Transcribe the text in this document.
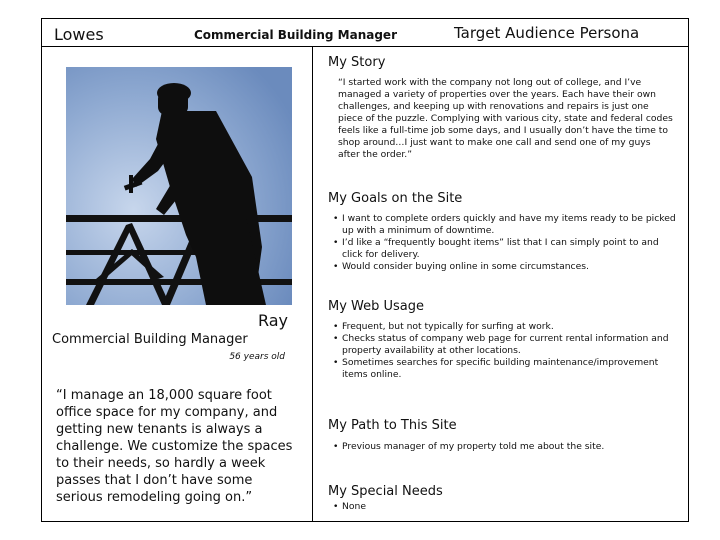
Lowes	Commercial Building Manager	Target Audience Persona
Ray
Commercial Building Manager
56 years old
“I manage an 18,000 square foot office space for my company, and getting new tenants is always a challenge. We customize the spaces to their needs, so hardly a week passes that I don’t have some serious remodeling going on.”
My Story
“I started work with the company not long out of college, and I’ve managed a variety of properties over the years. Each have their own challenges, and keeping up with renovations and repairs is just one piece of the puzzle. Complying with various city, state and federal codes feels like a full-time job some days, and I usually don’t have the time to shop around…I just want to make one call and send one of my guys after the order.”
My Goals on the Site
• I want to complete orders quickly and have my items ready to be picked up with a minimum of downtime.
• I’d like a “frequently bought items” list that I can simply point to and click for delivery.
• Would consider buying online in some circumstances.
My Web Usage
• Frequent, but not typically for surfing at work.
• Checks status of company web page for current rental information and property availability at other locations.
• Sometimes searches for specific building maintenance/improvement items online.
My Path to This Site
• Previous manager of my property told me about the site.
My Special Needs
• None
